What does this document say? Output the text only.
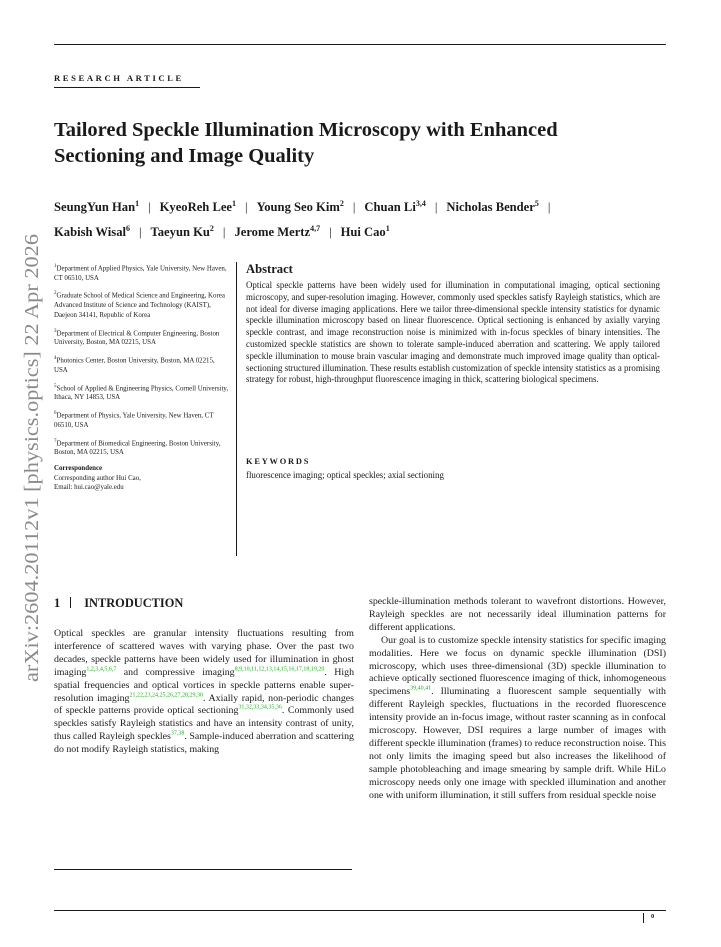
arXiv:2604.20112v1 [physics.optics] 22 Apr 2026
RESEARCH ARTICLE
Tailored Speckle Illumination Microscopy with Enhanced
Sectioning and Image Quality
SeungYun Han$^1$ | KyeoReh Lee$^1$ | Young Seo Kim$^2$ | Chuan Li$^{3,4}$ | Nicholas Bender$^5$ |
Kabish Wisal$^6$ | Taeyun Ku$^2$ | Jerome Mertz$^{4,7}$ | Hui Cao$^1$
$^1$Department of Applied Physics, Yale University, New Haven, CT 06510, USA
$^2$Graduate School of Medical Science and Engineering, Korea Advanced Institute of Science and Technology (KAIST), Daejeon 34141, Republic of Korea
$^3$Department of Electrical & Computer Engineering, Boston University, Boston, MA 02215, USA
$^4$Photonics Center, Boston University, Boston, MA 02215, USA
$^5$School of Applied & Engineering Physics, Cornell University, Ithaca, NY 14853, USA
$^6$Department of Physics, Yale University, New Haven, CT 06510, USA
$^7$Department of Biomedical Engineering, Boston University, Boston, MA 02215, USA
Correspondence
Corresponding author Hui Cao,
Email: hui.cao@yale.edu
Abstract

Optical speckle patterns have been widely used for illumination in computational imaging, optical sectioning microscopy, and super-resolution imaging. However, commonly used speckles satisfy Rayleigh statistics, which are not ideal for diverse imaging applications. Here we tailor three-dimensional speckle intensity statistics for dynamic speckle illumination microscopy based on linear fluorescence. Optical sectioning is enhanced by axially varying speckle contrast, and image reconstruction noise is minimized with in-focus speckles of binary intensities. The customized speckle statistics are shown to tolerate sample-induced aberration and scattering. We apply tailored speckle illumination to mouse brain vascular imaging and demonstrate much improved image quality than optical-sectioning structured illumination. These results establish customization of speckle intensity statistics as a promising strategy for robust, high-throughput fluorescence imaging in thick, scattering biological specimens.

KEYWORDS
fluorescence imaging; optical speckles; axial sectioning
1 INTRODUCTION

Optical speckles are granular intensity fluctuations resulting from interference of scattered waves with varying phase. Over the past two decades, speckle patterns have been widely used for illumination in ghost imaging$^{1,2,3,4,5,6,7}$ and compressive imaging$^{8,9,10,11,12,13,14,15,16,17,18,19,20}$. High spatial frequencies and optical vortices in speckle patterns enable super-resolution imaging$^{21,22,23,24,25,26,27,28,29,30}$. Axially rapid, non-periodic changes of speckle patterns provide optical sectioning$^{31,32,33,34,35,36}$. Commonly used speckles satisfy Rayleigh statistics and have an intensity contrast of unity, thus called Rayleigh speckles$^{37,38}$. Sample-induced aberration and scattering do not modify Rayleigh statistics, making

speckle-illumination methods tolerant to wavefront distortions. However, Rayleigh speckles are not necessarily ideal illumination patterns for different applications.

Our goal is to customize speckle intensity statistics for specific imaging modalities. Here we focus on dynamic speckle illumination (DSI) microscopy, which uses three-dimensional (3D) speckle illumination to achieve optically sectioned fluorescence imaging of thick, inhomogeneous specimens$^{39,40,41}$. Illuminating a fluorescent sample sequentially with different Rayleigh speckles, fluctuations in the recorded fluorescence intensity provide an in-focus image, without raster scanning as in confocal microscopy. However, DSI requires a large number of images with different speckle illumination (frames) to reduce reconstruction noise. This not only limits the imaging speed but also increases the likelihood of sample photobleaching and image smearing by sample drift. While HiLo microscopy needs only one image with speckled illumination and another one with uniform illumination, it still suffers from residual speckle noise

0
